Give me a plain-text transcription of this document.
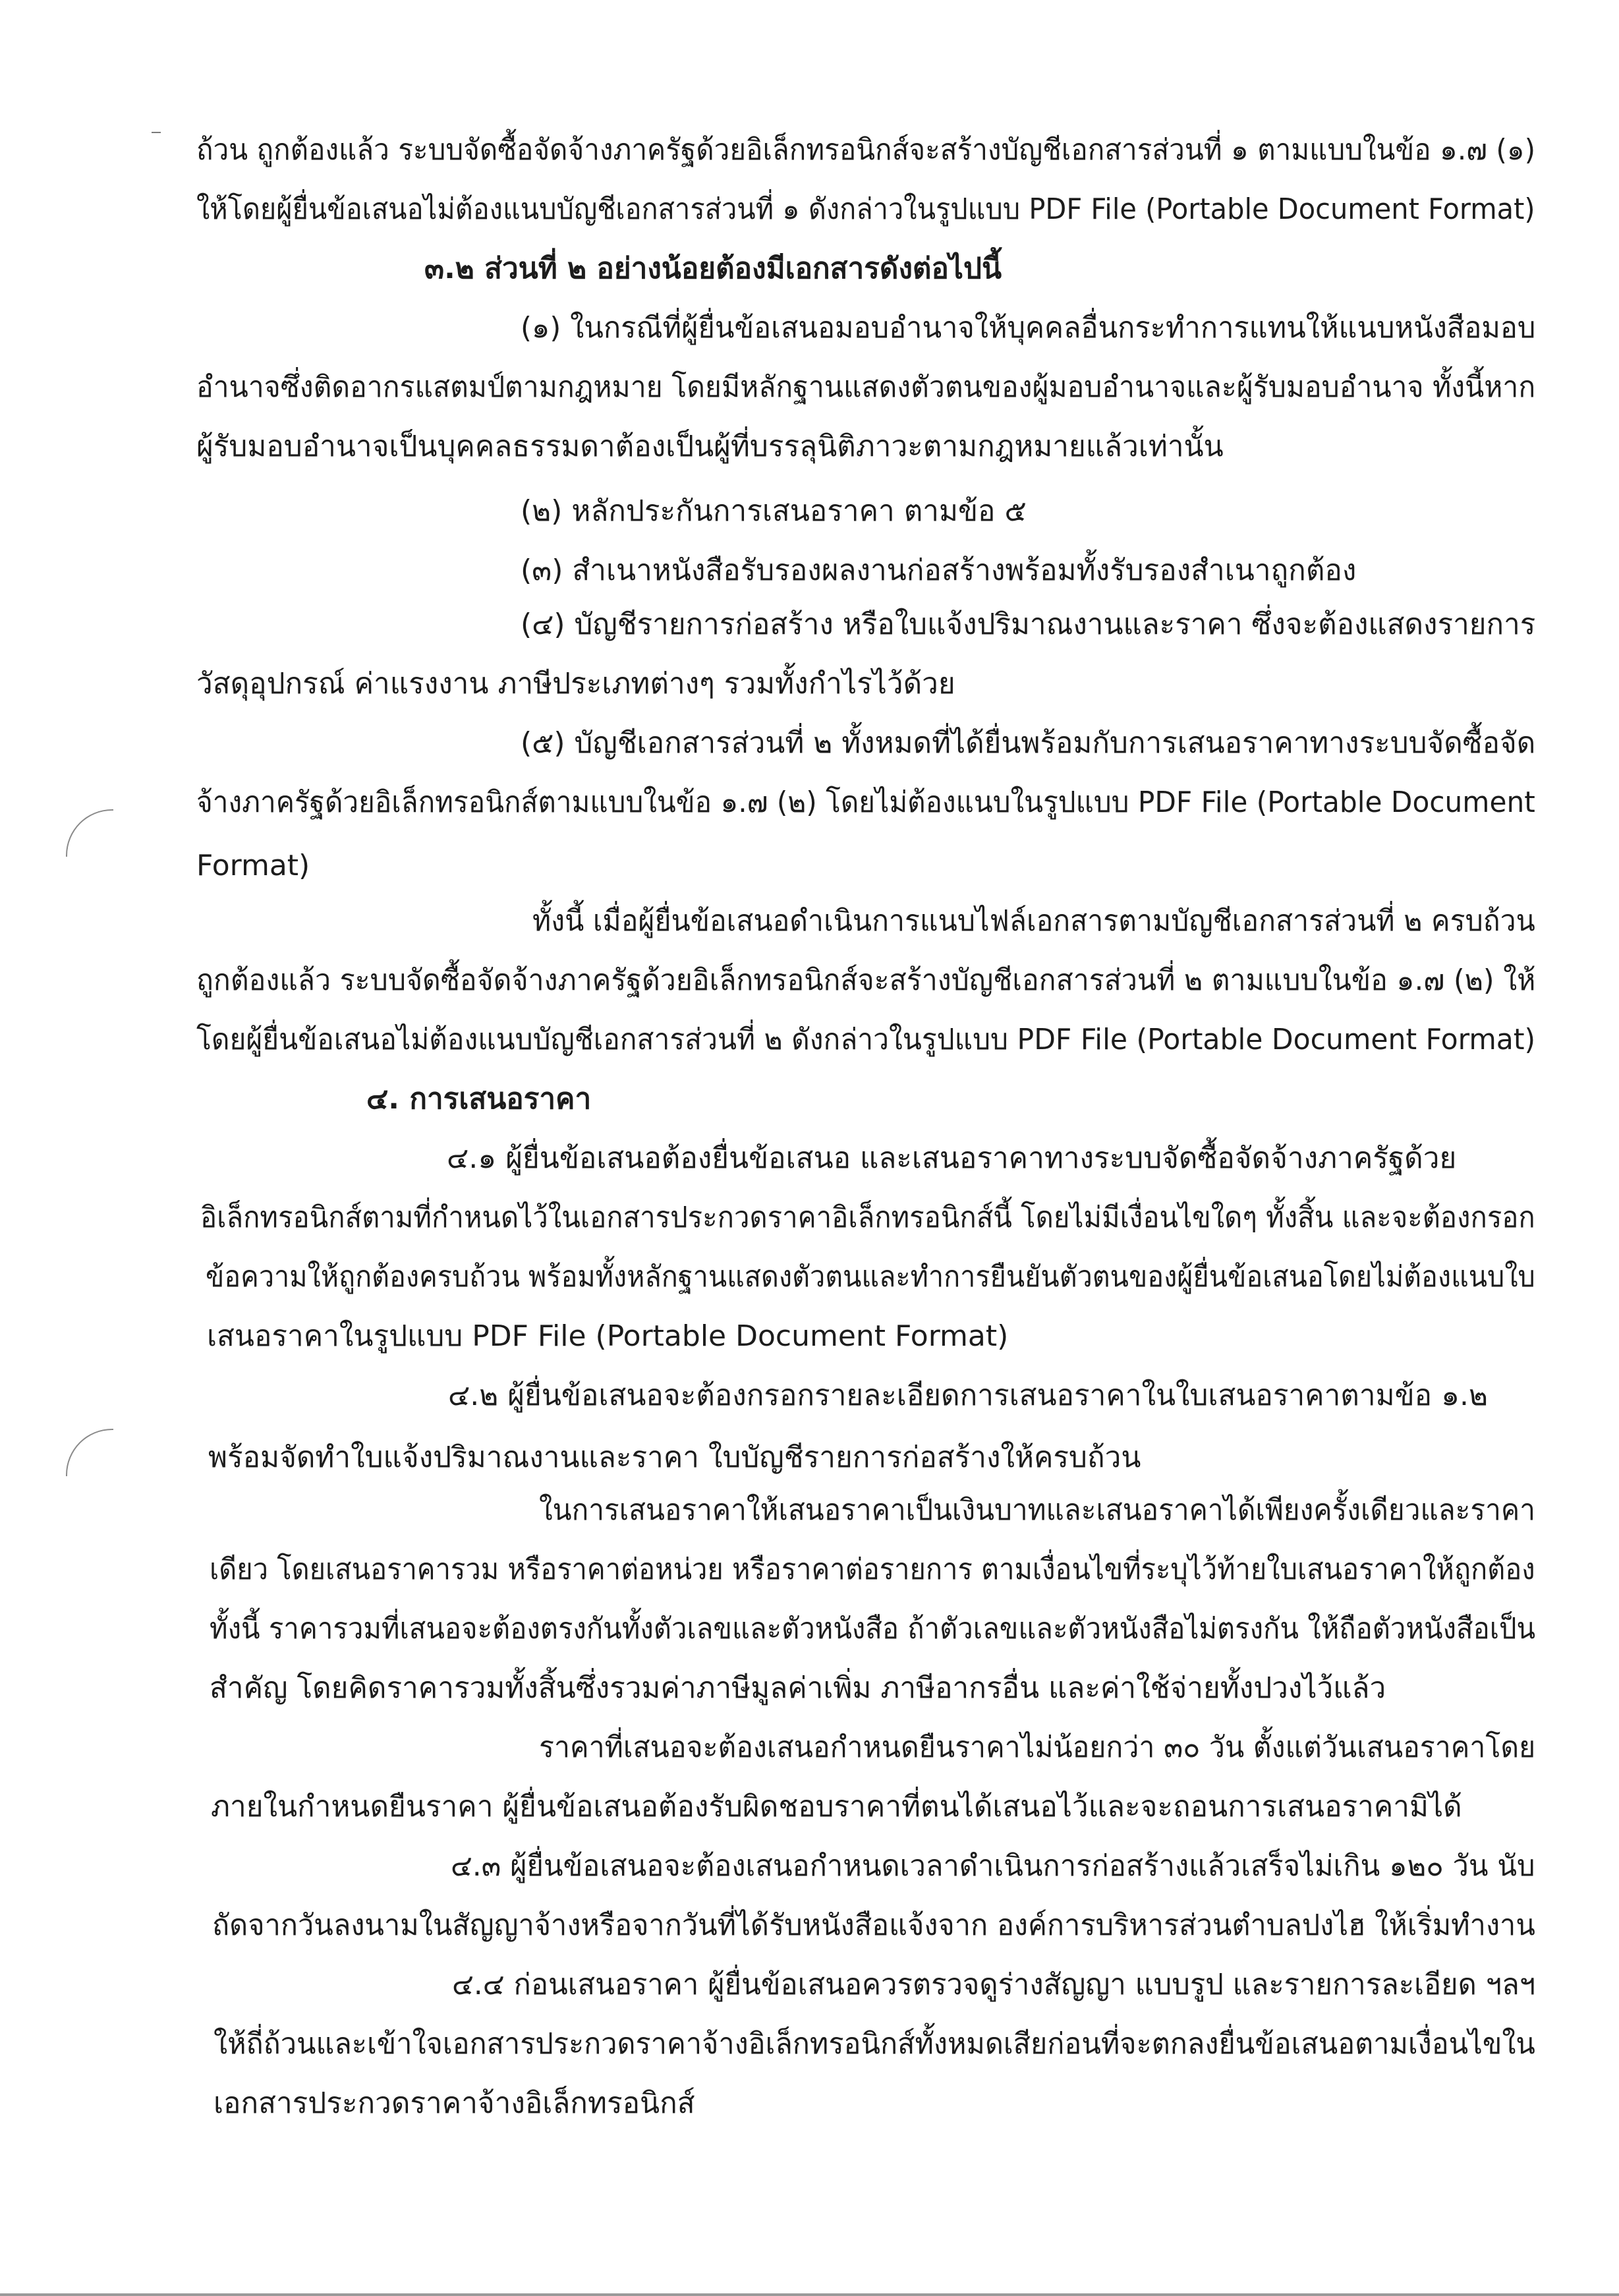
ถ้วน ถูกต้องแล้ว ระบบจัดซื้อจัดจ้างภาครัฐด้วยอิเล็กทรอนิกส์จะสร้างบัญชีเอกสารส่วนที่ ๑ ตามแบบในข้อ ๑.๗ (๑)
ให้โดยผู้ยื่นข้อเสนอไม่ต้องแนบบัญชีเอกสารส่วนที่ ๑ ดังกล่าวในรูปแบบ PDF File (Portable Document Format)
๓.๒ ส่วนที่ ๒ อย่างน้อยต้องมีเอกสารดังต่อไปนี้
(๑) ในกรณีที่ผู้ยื่นข้อเสนอมอบอำนาจให้บุคคลอื่นกระทำการแทนให้แนบหนังสือมอบ
อำนาจซึ่งติดอากรแสตมป์ตามกฎหมาย โดยมีหลักฐานแสดงตัวตนของผู้มอบอำนาจและผู้รับมอบอำนาจ ทั้งนี้หาก
ผู้รับมอบอำนาจเป็นบุคคลธรรมดาต้องเป็นผู้ที่บรรลุนิติภาวะตามกฎหมายแล้วเท่านั้น
(๒) หลักประกันการเสนอราคา ตามข้อ ๕
(๓) สำเนาหนังสือรับรองผลงานก่อสร้างพร้อมทั้งรับรองสำเนาถูกต้อง
(๔) บัญชีรายการก่อสร้าง หรือใบแจ้งปริมาณงานและราคา ซึ่งจะต้องแสดงรายการ
วัสดุอุปกรณ์ ค่าแรงงาน ภาษีประเภทต่างๆ รวมทั้งกำไรไว้ด้วย
(๕) บัญชีเอกสารส่วนที่ ๒ ทั้งหมดที่ได้ยื่นพร้อมกับการเสนอราคาทางระบบจัดซื้อจัด
จ้างภาครัฐด้วยอิเล็กทรอนิกส์ตามแบบในข้อ ๑.๗ (๒) โดยไม่ต้องแนบในรูปแบบ PDF File (Portable Document
Format)
ทั้งนี้ เมื่อผู้ยื่นข้อเสนอดำเนินการแนบไฟล์เอกสารตามบัญชีเอกสารส่วนที่ ๒ ครบถ้วน
ถูกต้องแล้ว ระบบจัดซื้อจัดจ้างภาครัฐด้วยอิเล็กทรอนิกส์จะสร้างบัญชีเอกสารส่วนที่ ๒ ตามแบบในข้อ ๑.๗ (๒) ให้
โดยผู้ยื่นข้อเสนอไม่ต้องแนบบัญชีเอกสารส่วนที่ ๒ ดังกล่าวในรูปแบบ PDF File (Portable Document Format)
๔. การเสนอราคา
๔.๑ ผู้ยื่นข้อเสนอต้องยื่นข้อเสนอ และเสนอราคาทางระบบจัดซื้อจัดจ้างภาครัฐด้วย
อิเล็กทรอนิกส์ตามที่กำหนดไว้ในเอกสารประกวดราคาอิเล็กทรอนิกส์นี้ โดยไม่มีเงื่อนไขใดๆ ทั้งสิ้น และจะต้องกรอก
ข้อความให้ถูกต้องครบถ้วน พร้อมทั้งหลักฐานแสดงตัวตนและทำการยืนยันตัวตนของผู้ยื่นข้อเสนอโดยไม่ต้องแนบใบ
เสนอราคาในรูปแบบ PDF File (Portable Document Format)
๔.๒ ผู้ยื่นข้อเสนอจะต้องกรอกรายละเอียดการเสนอราคาในใบเสนอราคาตามข้อ ๑.๒
พร้อมจัดทำใบแจ้งปริมาณงานและราคา ใบบัญชีรายการก่อสร้างให้ครบถ้วน
ในการเสนอราคาให้เสนอราคาเป็นเงินบาทและเสนอราคาได้เพียงครั้งเดียวและราคา
เดียว โดยเสนอราคารวม หรือราคาต่อหน่วย หรือราคาต่อรายการ ตามเงื่อนไขที่ระบุไว้ท้ายใบเสนอราคาให้ถูกต้อง
ทั้งนี้ ราคารวมที่เสนอจะต้องตรงกันทั้งตัวเลขและตัวหนังสือ ถ้าตัวเลขและตัวหนังสือไม่ตรงกัน ให้ถือตัวหนังสือเป็น
สำคัญ โดยคิดราคารวมทั้งสิ้นซึ่งรวมค่าภาษีมูลค่าเพิ่ม ภาษีอากรอื่น และค่าใช้จ่ายทั้งปวงไว้แล้ว
ราคาที่เสนอจะต้องเสนอกำหนดยืนราคาไม่น้อยกว่า ๓๐ วัน ตั้งแต่วันเสนอราคาโดย
ภายในกำหนดยืนราคา ผู้ยื่นข้อเสนอต้องรับผิดชอบราคาที่ตนได้เสนอไว้และจะถอนการเสนอราคามิได้
๔.๓ ผู้ยื่นข้อเสนอจะต้องเสนอกำหนดเวลาดำเนินการก่อสร้างแล้วเสร็จไม่เกิน ๑๒๐ วัน นับ
ถัดจากวันลงนามในสัญญาจ้างหรือจากวันที่ได้รับหนังสือแจ้งจาก องค์การบริหารส่วนตำบลปงไฮ ให้เริ่มทำงาน
๔.๔ ก่อนเสนอราคา ผู้ยื่นข้อเสนอควรตรวจดูร่างสัญญา แบบรูป และรายการละเอียด ฯลฯ
ให้ถี่ถ้วนและเข้าใจเอกสารประกวดราคาจ้างอิเล็กทรอนิกส์ทั้งหมดเสียก่อนที่จะตกลงยื่นข้อเสนอตามเงื่อนไขใน
เอกสารประกวดราคาจ้างอิเล็กทรอนิกส์
